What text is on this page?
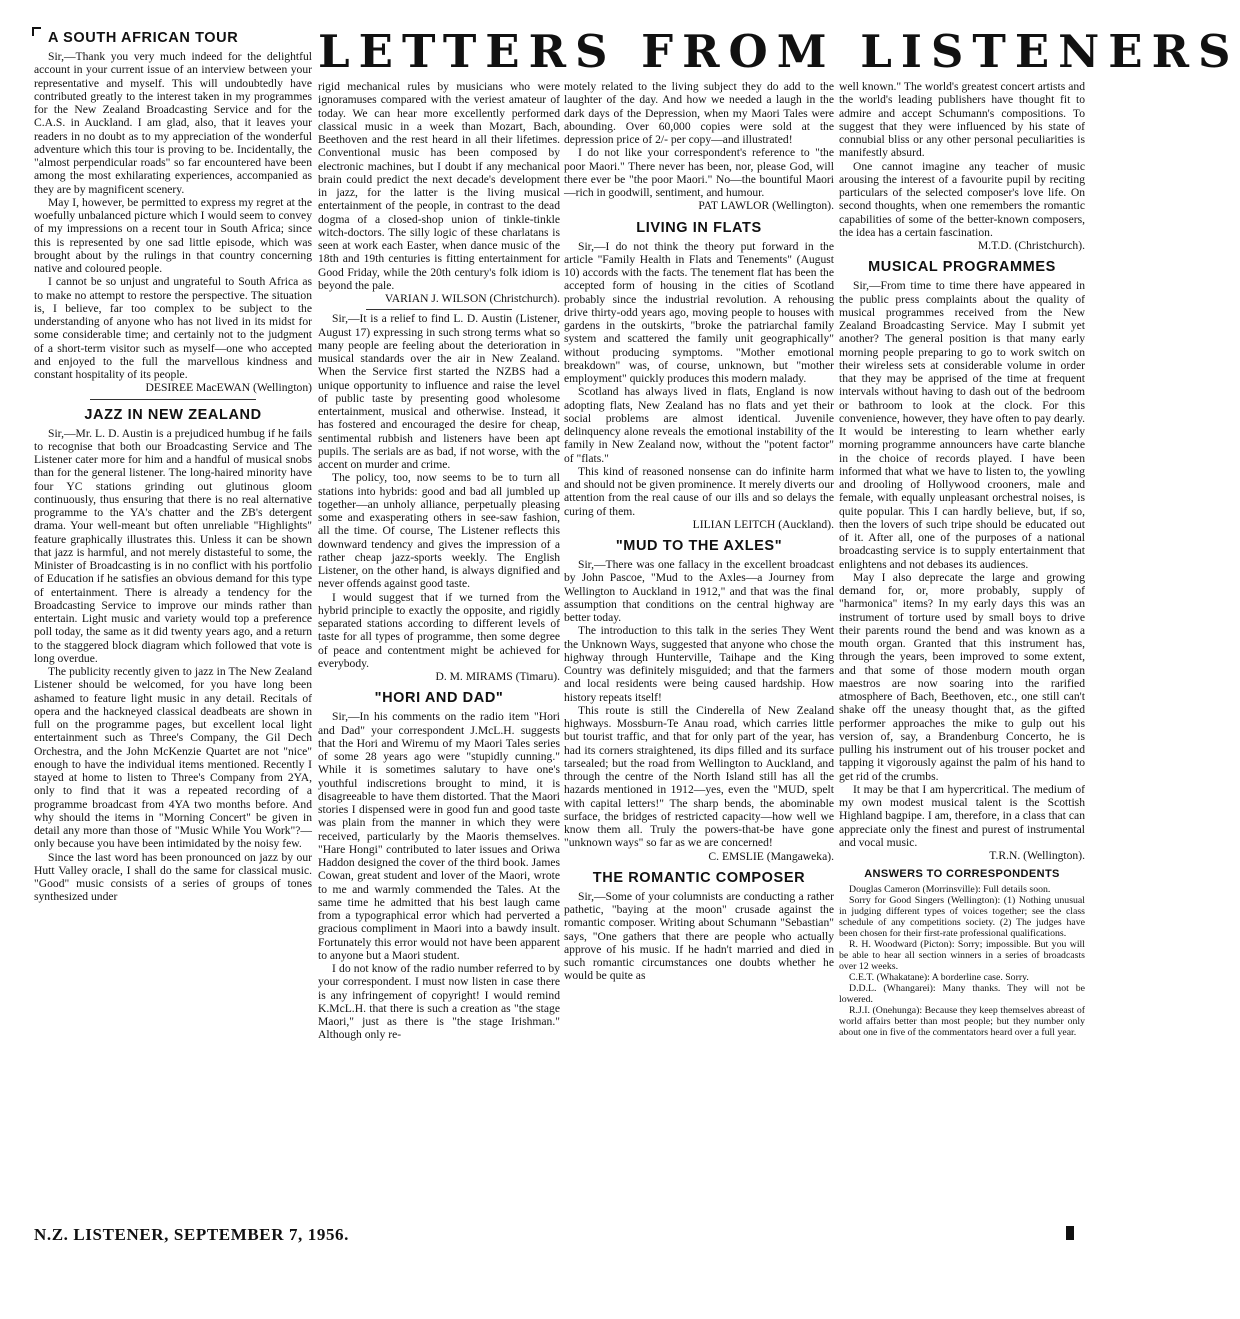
LETTERS FROM LISTENERS
A SOUTH AFRICAN TOUR

Sir,—Thank you very much indeed for the delightful account in your current issue of an interview between your representative and myself. This will undoubtedly have contributed greatly to the interest taken in my programmes for the New Zealand Broadcasting Service and for the C.A.S. in Auckland. I am glad, also, that it leaves your readers in no doubt as to my appreciation of the wonderful adventure which this tour is proving to be. Incidentally, the "almost perpendicular roads" so far encountered have been among the most exhilarating experiences, accompanied as they are by magnificent scenery.

May I, however, be permitted to express my regret at the woefully unbalanced picture which I would seem to convey of my impressions on a recent tour in South Africa; since this is represented by one sad little episode, which was brought about by the rulings in that country concerning native and coloured people.

I cannot be so unjust and ungrateful to South Africa as to make no attempt to restore the perspective. The situation is, I believe, far too complex to be subject to the understanding of anyone who has not lived in its midst for some considerable time; and certainly not to the judgment of a short-term visitor such as myself—one who accepted and enjoyed to the full the marvellous kindness and constant hospitality of its people.

DESIREE MacEWAN (Wellington)

JAZZ IN NEW ZEALAND

Sir,—Mr. L. D. Austin is a prejudiced humbug if he fails to recognise that both our Broadcasting Service and The Listener cater more for him and a handful of musical snobs than for the general listener. The long-haired minority have four YC stations grinding out glutinous gloom continuously, thus ensuring that there is no real alternative programme to the YA's chatter and the ZB's detergent drama. Your well-meant but often unreliable "Highlights" feature graphically illustrates this. Unless it can be shown that jazz is harmful, and not merely distasteful to some, the Minister of Broadcasting is in no conflict with his portfolio of Education if he satisfies an obvious demand for this type of entertainment. There is already a tendency for the Broadcasting Service to improve our minds rather than entertain. Light music and variety would top a preference poll today, the same as it did twenty years ago, and a return to the staggered block diagram which followed that vote is long overdue.

The publicity recently given to jazz in The New Zealand Listener should be welcomed, for you have long been ashamed to feature light music in any detail. Recitals of opera and the hackneyed classical deadbeats are shown in full on the programme pages, but excellent local light entertainment such as Three's Company, the Gil Dech Orchestra, and the John McKenzie Quartet are not "nice" enough to have the individual items mentioned. Recently I stayed at home to listen to Three's Company from 2YA, only to find that it was a repeated recording of a programme broadcast from 4YA two months before. And why should the items in "Morning Concert" be given in detail any more than those of "Music While You Work"?—only because you have been intimidated by the noisy few.

Since the last word has been pronounced on jazz by our Hutt Valley oracle, I shall do the same for classical music. "Good" music consists of a series of groups of tones synthesized under

rigid mechanical rules by musicians who were ignoramuses compared with the veriest amateur of today. We can hear more excellently performed classical music in a week than Mozart, Bach, Beethoven and the rest heard in all their lifetimes. Conventional music has been composed by electronic machines, but I doubt if any mechanical brain could predict the next decade's development in jazz, for the latter is the living musical entertainment of the people, in contrast to the dead dogma of a closed-shop union of tinkle-tinkle witch-doctors. The silly logic of these charlatans is seen at work each Easter, when dance music of the 18th and 19th centuries is fitting entertainment for Good Friday, while the 20th century's folk idiom is beyond the pale.

VARIAN J. WILSON (Christchurch).

Sir,—It is a relief to find L. D. Austin (Listener, August 17) expressing in such strong terms what so many people are feeling about the deterioration in musical standards over the air in New Zealand. When the Service first started the NZBS had a unique opportunity to influence and raise the level of public taste by presenting good wholesome entertainment, musical and otherwise. Instead, it has fostered and encouraged the desire for cheap, sentimental rubbish and listeners have been apt pupils. The serials are as bad, if not worse, with the accent on murder and crime.

The policy, too, now seems to be to turn all stations into hybrids: good and bad all jumbled up together—an unholy alliance, perpetually pleasing some and exasperating others in see-saw fashion, all the time. Of course, The Listener reflects this downward tendency and gives the impression of a rather cheap jazz-sports weekly. The English Listener, on the other hand, is always dignified and never offends against good taste.

I would suggest that if we turned from the hybrid principle to exactly the opposite, and rigidly separated stations according to different levels of taste for all types of programme, then some degree of peace and contentment might be achieved for everybody.

D. M. MIRAMS (Timaru).

"HORI AND DAD"

Sir,—In his comments on the radio item "Hori and Dad" your correspondent J.McL.H. suggests that the Hori and Wiremu of my Maori Tales series of some 28 years ago were "stupidly cunning." While it is sometimes salutary to have one's youthful indiscretions brought to mind, it is disagreeable to have them distorted. That the Maori stories I dispensed were in good fun and good taste was plain from the manner in which they were received, particularly by the Maoris themselves. "Hare Hongi" contributed to later issues and Oriwa Haddon designed the cover of the third book. James Cowan, great student and lover of the Maori, wrote to me and warmly commended the Tales. At the same time he admitted that his best laugh came from a typographical error which had perverted a gracious compliment in Maori into a bawdy insult. Fortunately this error would not have been apparent to anyone but a Maori student.

I do not know of the radio number referred to by your correspondent. I must now listen in case there is any infringement of copyright! I would remind K.McL.H. that there is such a creation as "the stage Maori," just as there is "the stage Irishman." Although only re-

motely related to the living subject they do add to the laughter of the day. And how we needed a laugh in the dark days of the Depression, when my Maori Tales were abounding. Over 60,000 copies were sold at the depression price of 2/- per copy—and illustrated!

I do not like your correspondent's reference to "the poor Maori." There never has been, nor, please God, will there ever be "the poor Maori." No—the bountiful Maori—rich in goodwill, sentiment, and humour.

PAT LAWLOR (Wellington).

LIVING IN FLATS

Sir,—I do not think the theory put forward in the article "Family Health in Flats and Tenements" (August 10) accords with the facts. The tenement flat has been the accepted form of housing in the cities of Scotland probably since the industrial revolution. A rehousing drive thirty-odd years ago, moving people to houses with gardens in the outskirts, "broke the patriarchal family system and scattered the family unit geographically" without producing symptoms. "Mother emotional breakdown" was, of course, unknown, but "mother employment" quickly produces this modern malady.

Scotland has always lived in flats, England is now adopting flats, New Zealand has no flats and yet their social problems are almost identical. Juvenile delinquency alone reveals the emotional instability of the family in New Zealand now, without the "potent factor" of "flats."

This kind of reasoned nonsense can do infinite harm and should not be given prominence. It merely diverts our attention from the real cause of our ills and so delays the curing of them.

LILIAN LEITCH (Auckland).

"MUD TO THE AXLES"

Sir,—There was one fallacy in the excellent broadcast by John Pascoe, "Mud to the Axles—a Journey from Wellington to Auckland in 1912," and that was the final assumption that conditions on the central highway are better today.

The introduction to this talk in the series They Went the Unknown Ways, suggested that anyone who chose the highway through Hunterville, Taihape and the King Country was definitely misguided; and that the farmers and local residents were being caused hardship. How history repeats itself!

This route is still the Cinderella of New Zealand highways. Mossburn-Te Anau road, which carries little but tourist traffic, and that for only part of the year, has had its corners straightened, its dips filled and its surface tarsealed; but the road from Wellington to Auckland, and through the centre of the North Island still has all the hazards mentioned in 1912—yes, even the "MUD, spelt with capital letters!" The sharp bends, the abominable surface, the bridges of restricted capacity—how well we know them all. Truly the powers-that-be have gone "unknown ways" so far as we are concerned!

C. EMSLIE (Mangaweka).

THE ROMANTIC COMPOSER

Sir,—Some of your columnists are conducting a rather pathetic, "baying at the moon" crusade against the romantic composer. Writing about Schumann "Sebastian" says, "One gathers that there are people who actually approve of his music. If he hadn't married and died in such romantic circumstances one doubts whether he would be quite as

well known." The world's greatest concert artists and the world's leading publishers have thought fit to admire and accept Schumann's compositions. To suggest that they were influenced by his state of connubial bliss or any other personal peculiarities is manifestly absurd.

One cannot imagine any teacher of music arousing the interest of a favourite pupil by reciting particulars of the selected composer's love life. On second thoughts, when one remembers the romantic capabilities of some of the better-known composers, the idea has a certain fascination.

M.T.D. (Christchurch).

MUSICAL PROGRAMMES

Sir,—From time to time there have appeared in the public press complaints about the quality of musical programmes received from the New Zealand Broadcasting Service. May I submit yet another? The general position is that many early morning people preparing to go to work switch on their wireless sets at considerable volume in order that they may be apprised of the time at frequent intervals without having to dash out of the bedroom or bathroom to look at the clock. For this convenience, however, they have often to pay dearly. It would be interesting to learn whether early morning programme announcers have carte blanche in the choice of records played. I have been informed that what we have to listen to, the yowling and drooling of Hollywood crooners, male and female, with equally unpleasant orchestral noises, is quite popular. This I can hardly believe, but, if so, then the lovers of such tripe should be educated out of it. After all, one of the purposes of a national broadcasting service is to supply entertainment that enlightens and not debases its audiences.

May I also deprecate the large and growing demand for, or, more probably, supply of "harmonica" items? In my early days this was an instrument of torture used by small boys to drive their parents round the bend and was known as a mouth organ. Granted that this instrument has, through the years, been improved to some extent, and that some of those modern mouth organ maestros are now soaring into the rarified atmosphere of Bach, Beethoven, etc., one still can't shake off the uneasy thought that, as the gifted performer approaches the mike to gulp out his version of, say, a Brandenburg Concerto, he is pulling his instrument out of his trouser pocket and tapping it vigorously against the palm of his hand to get rid of the crumbs.

It may be that I am hypercritical. The medium of my own modest musical talent is the Scottish Highland bagpipe. I am, therefore, in a class that can appreciate only the finest and purest of instrumental and vocal music.

T.R.N. (Wellington).

ANSWERS TO CORRESPONDENTS

Douglas Cameron (Morrinsville): Full details soon.

Sorry for Good Singers (Wellington): (1) Nothing unusual in judging different types of voices together; see the class schedule of any competitions society. (2) The judges have been chosen for their first-rate professional qualifications.

R. H. Woodward (Picton): Sorry; impossible. But you will be able to hear all section winners in a series of broadcasts over 12 weeks.

C.E.T. (Whakatane): A borderline case. Sorry.

D.D.L. (Whangarei): Many thanks. They will not be lowered.

R.J.I. (Onehunga): Because they keep themselves abreast of world affairs better than most people; but they number only about one in five of the commentators heard over a full year.

N.Z. LISTENER, SEPTEMBER 7, 1956.
